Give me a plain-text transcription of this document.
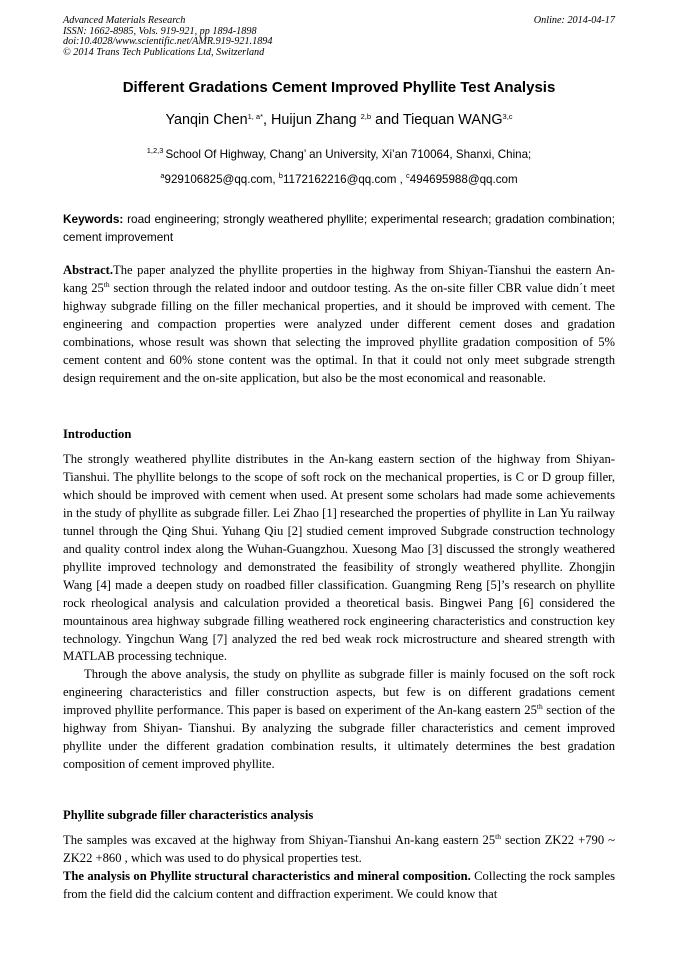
Advanced Materials Research
ISSN: 1662-8985, Vols. 919-921, pp 1894-1898
doi:10.4028/www.scientific.net/AMR.919-921.1894
© 2014 Trans Tech Publications Ltd, Switzerland
Online: 2014-04-17
Different Gradations Cement Improved Phyllite Test Analysis
Yanqin Chen$^{1, a*}$, Huijun Zhang $^{2,b}$ and Tiequan WANG$^{3,c}$
$^{1,2,3}$ School Of Highway, Chang’ an University, Xi’an 710064, Shanxi, China;
$^a$929106825@qq.com, $^b$1172162216@qq.com , $^c$494695988@qq.com
Keywords: road engineering; strongly weathered phyllite; experimental research; gradation combination; cement improvement
Abstract.The paper analyzed the phyllite properties in the highway from Shiyan-Tianshui the eastern An-kang 25th section through the related indoor and outdoor testing. As the on-site filler CBR value didn΄t meet highway subgrade filling on the filler mechanical properties, and it should be improved with cement. The engineering and compaction properties were analyzed under different cement doses and gradation combinations, whose result was shown that selecting the improved phyllite gradation composition of 5% cement content and 60% stone content was the optimal. In that it could not only meet subgrade strength design requirement and the on-site application, but also be the most economical and reasonable.
Introduction

The strongly weathered phyllite distributes in the An-kang eastern section of the highway from Shiyan-Tianshui. The phyllite belongs to the scope of soft rock on the mechanical properties, is C or D group filler, which should be improved with cement when used. At present some scholars had made some achievements in the study of phyllite as subgrade filler. Lei Zhao [1] researched the properties of phyllite in Lan Yu railway tunnel through the Qing Shui. Yuhang Qiu [2] studied cement improved Subgrade construction technology and quality control index along the Wuhan-Guangzhou. Xuesong Mao [3] discussed the strongly weathered phyllite improved technology and demonstrated the feasibility of strongly weathered phyllite. Zhongjin Wang [4] made a deepen study on roadbed filler classification. Guangming Reng [5]’s research on phyllite rock rheological analysis and calculation provided a theoretical basis. Bingwei Pang [6] considered the mountainous area highway subgrade filling weathered rock engineering characteristics and construction key technology. Yingchun Wang [7] analyzed the red bed weak rock microstructure and sheared strength with MATLAB processing technique.

Through the above analysis, the study on phyllite as subgrade filler is mainly focused on the soft rock engineering characteristics and filler construction aspects, but few is on different gradations cement improved phyllite performance. This paper is based on experiment of the An-kang eastern 25th section of the highway from Shiyan- Tianshui. By analyzing the subgrade filler characteristics and cement improved phyllite under the different gradation combination results, it ultimately determines the best gradation composition of cement improved phyllite.

Phyllite subgrade filler characteristics analysis

The samples was excaved at the highway from Shiyan-Tianshui An-kang eastern 25th section ZK22 +790 ~ ZK22 +860 , which was used to do physical properties test.

The analysis on Phyllite structural characteristics and mineral composition. Collecting the rock samples from the field did the calcium content and diffraction experiment. We could know that
